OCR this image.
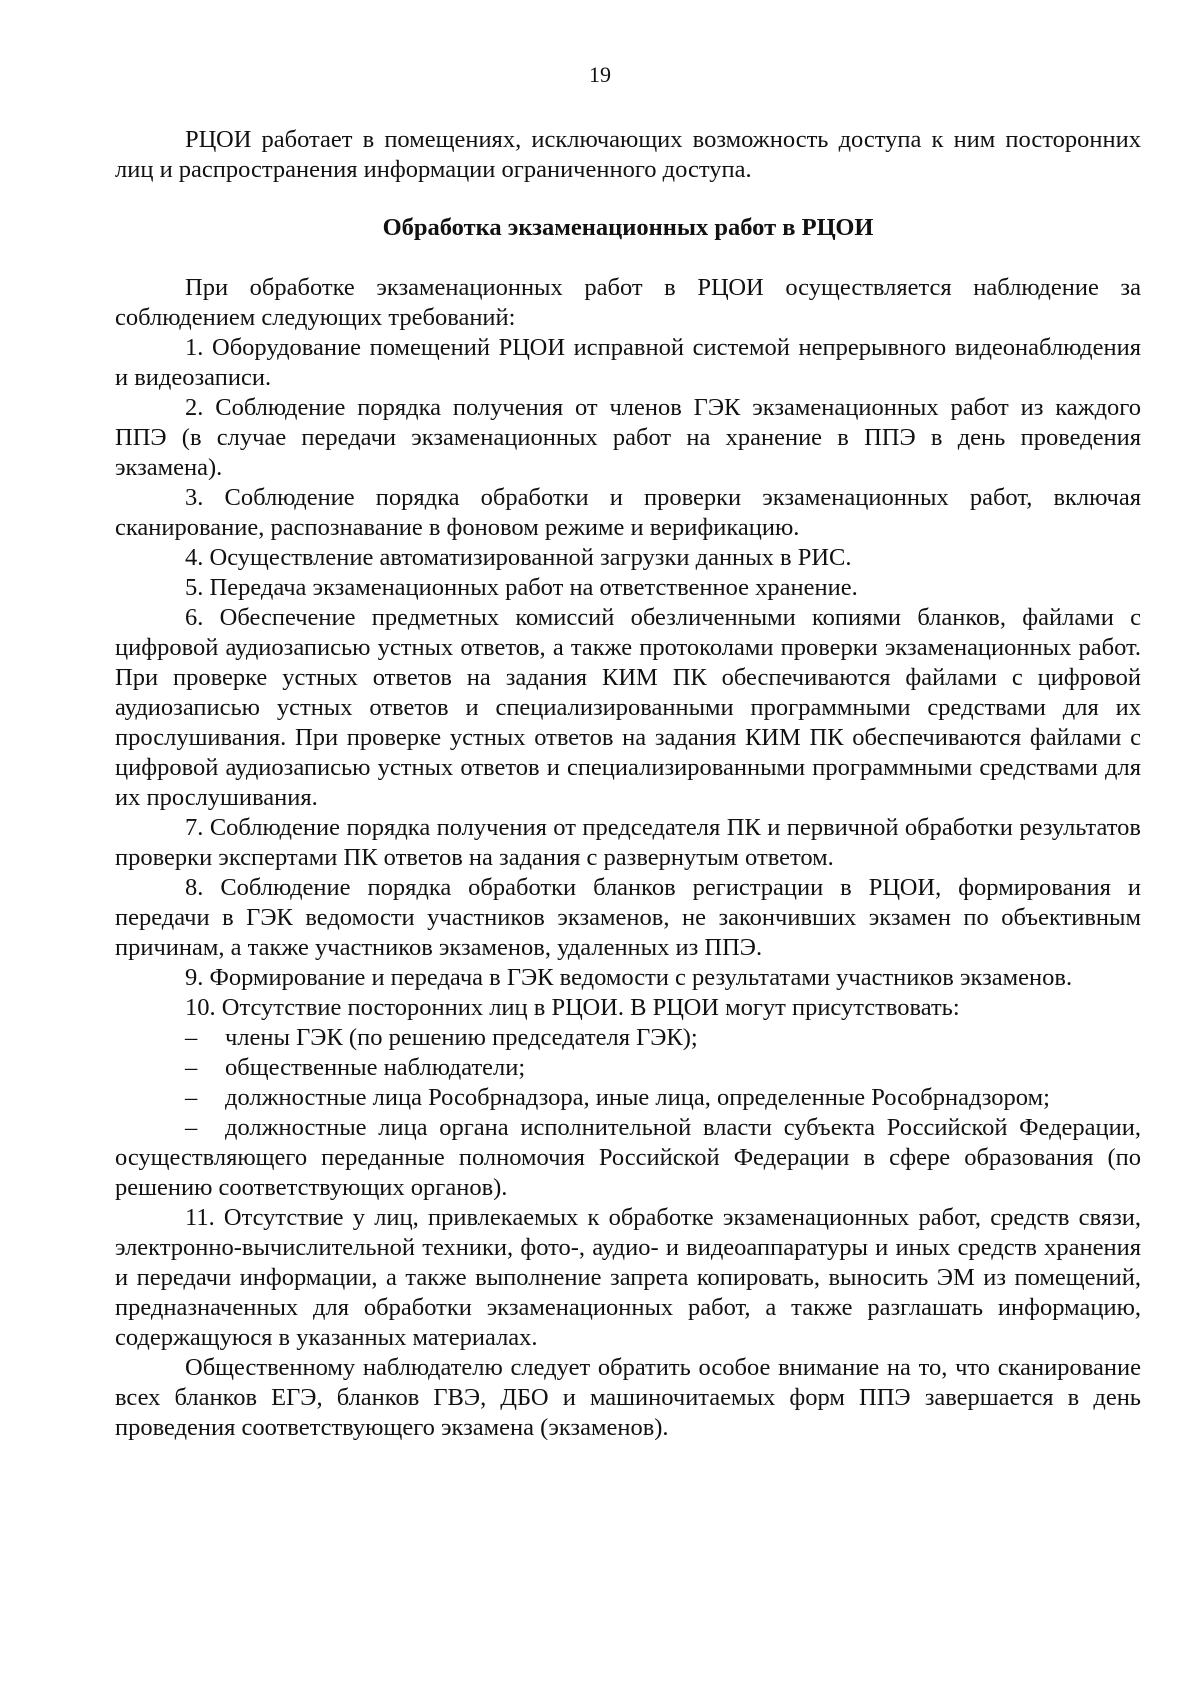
19

РЦОИ работает в помещениях, исключающих возможность доступа к ним посторонних лиц и распространения информации ограниченного доступа.

Обработка экзаменационных работ в РЦОИ

При обработке экзаменационных работ в РЦОИ осуществляется наблюдение за соблюдением следующих требований:

1. Оборудование помещений РЦОИ исправной системой непрерывного видеонаблюдения и видеозаписи.

2. Соблюдение порядка получения от членов ГЭК экзаменационных работ из каждого ППЭ (в случае передачи экзаменационных работ на хранение в ППЭ в день проведения экзамена).

3. Соблюдение порядка обработки и проверки экзаменационных работ, включая сканирование, распознавание в фоновом режиме и верификацию.

4. Осуществление автоматизированной загрузки данных в РИС.

5. Передача экзаменационных работ на ответственное хранение.

6. Обеспечение предметных комиссий обезличенными копиями бланков, файлами с цифровой аудиозаписью устных ответов, а также протоколами проверки экзаменационных работ. При проверке устных ответов на задания КИМ ПК обеспечиваются файлами с цифровой аудиозаписью устных ответов и специализированными программными средствами для их прослушивания. При проверке устных ответов на задания КИМ ПК обеспечиваются файлами с цифровой аудиозаписью устных ответов и специализированными программными средствами для их прослушивания.

7. Соблюдение порядка получения от председателя ПК и первичной обработки результатов проверки экспертами ПК ответов на задания с развернутым ответом.

8. Соблюдение порядка обработки бланков регистрации в РЦОИ, формирования и передачи в ГЭК ведомости участников экзаменов, не закончивших экзамен по объективным причинам, а также участников экзаменов, удаленных из ППЭ.

9. Формирование и передача в ГЭК ведомости с результатами участников экзаменов.

10. Отсутствие посторонних лиц в РЦОИ. В РЦОИ могут присутствовать:

– члены ГЭК (по решению председателя ГЭК);
– общественные наблюдатели;
– должностные лица Рособрнадзора, иные лица, определенные Рособрнадзором;
– должностные лица органа исполнительной власти субъекта Российской Федерации, осуществляющего переданные полномочия Российской Федерации в сфере образования (по решению соответствующих органов).

11. Отсутствие у лиц, привлекаемых к обработке экзаменационных работ, средств связи, электронно-вычислительной техники, фото-, аудио- и видеоаппаратуры и иных средств хранения и передачи информации, а также выполнение запрета копировать, выносить ЭМ из помещений, предназначенных для обработки экзаменационных работ, а также разглашать информацию, содержащуюся в указанных материалах.

Общественному наблюдателю следует обратить особое внимание на то, что сканирование всех бланков ЕГЭ, бланков ГВЭ, ДБО и машиночитаемых форм ППЭ завершается в день проведения соответствующего экзамена (экзаменов).
